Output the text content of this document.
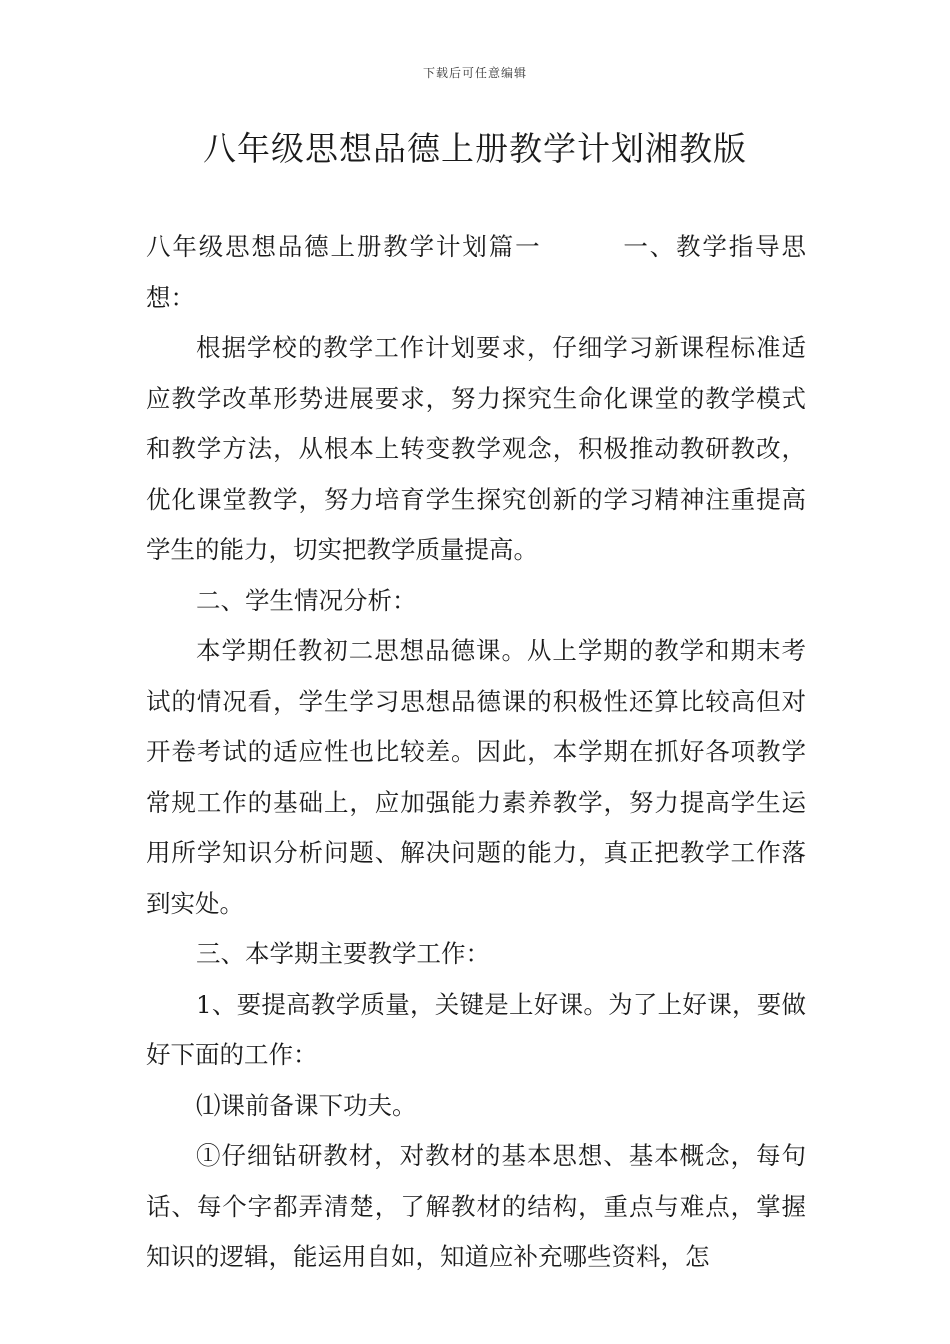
下载后可任意编辑
八年级思想品德上册教学计划湘教版

八年级思想品德上册教学计划篇一	一、教学指导思想：

根据学校的教学工作计划要求，仔细学习新课程标准适应教学改革形势进展要求，努力探究生命化课堂的教学模式和教学方法，从根本上转变教学观念，积极推动教研教改，优化课堂教学，努力培育学生探究创新的学习精神注重提高学生的能力，切实把教学质量提高。

二、学生情况分析：

本学期任教初二思想品德课。从上学期的教学和期末考试的情况看，学生学习思想品德课的积极性还算比较高但对开卷考试的适应性也比较差。因此，本学期在抓好各项教学常规工作的基础上，应加强能力素养教学，努力提高学生运用所学知识分析问题、解决问题的能力，真正把教学工作落到实处。

三、本学期主要教学工作：

1、要提高教学质量，关键是上好课。为了上好课，要做好下面的工作：

⑴课前备课下功夫。

①仔细钻研教材，对教材的基本思想、基本概念，每句话、每个字都弄清楚，了解教材的结构，重点与难点，掌握知识的逻辑，能运用自如，知道应补充哪些资料，怎
